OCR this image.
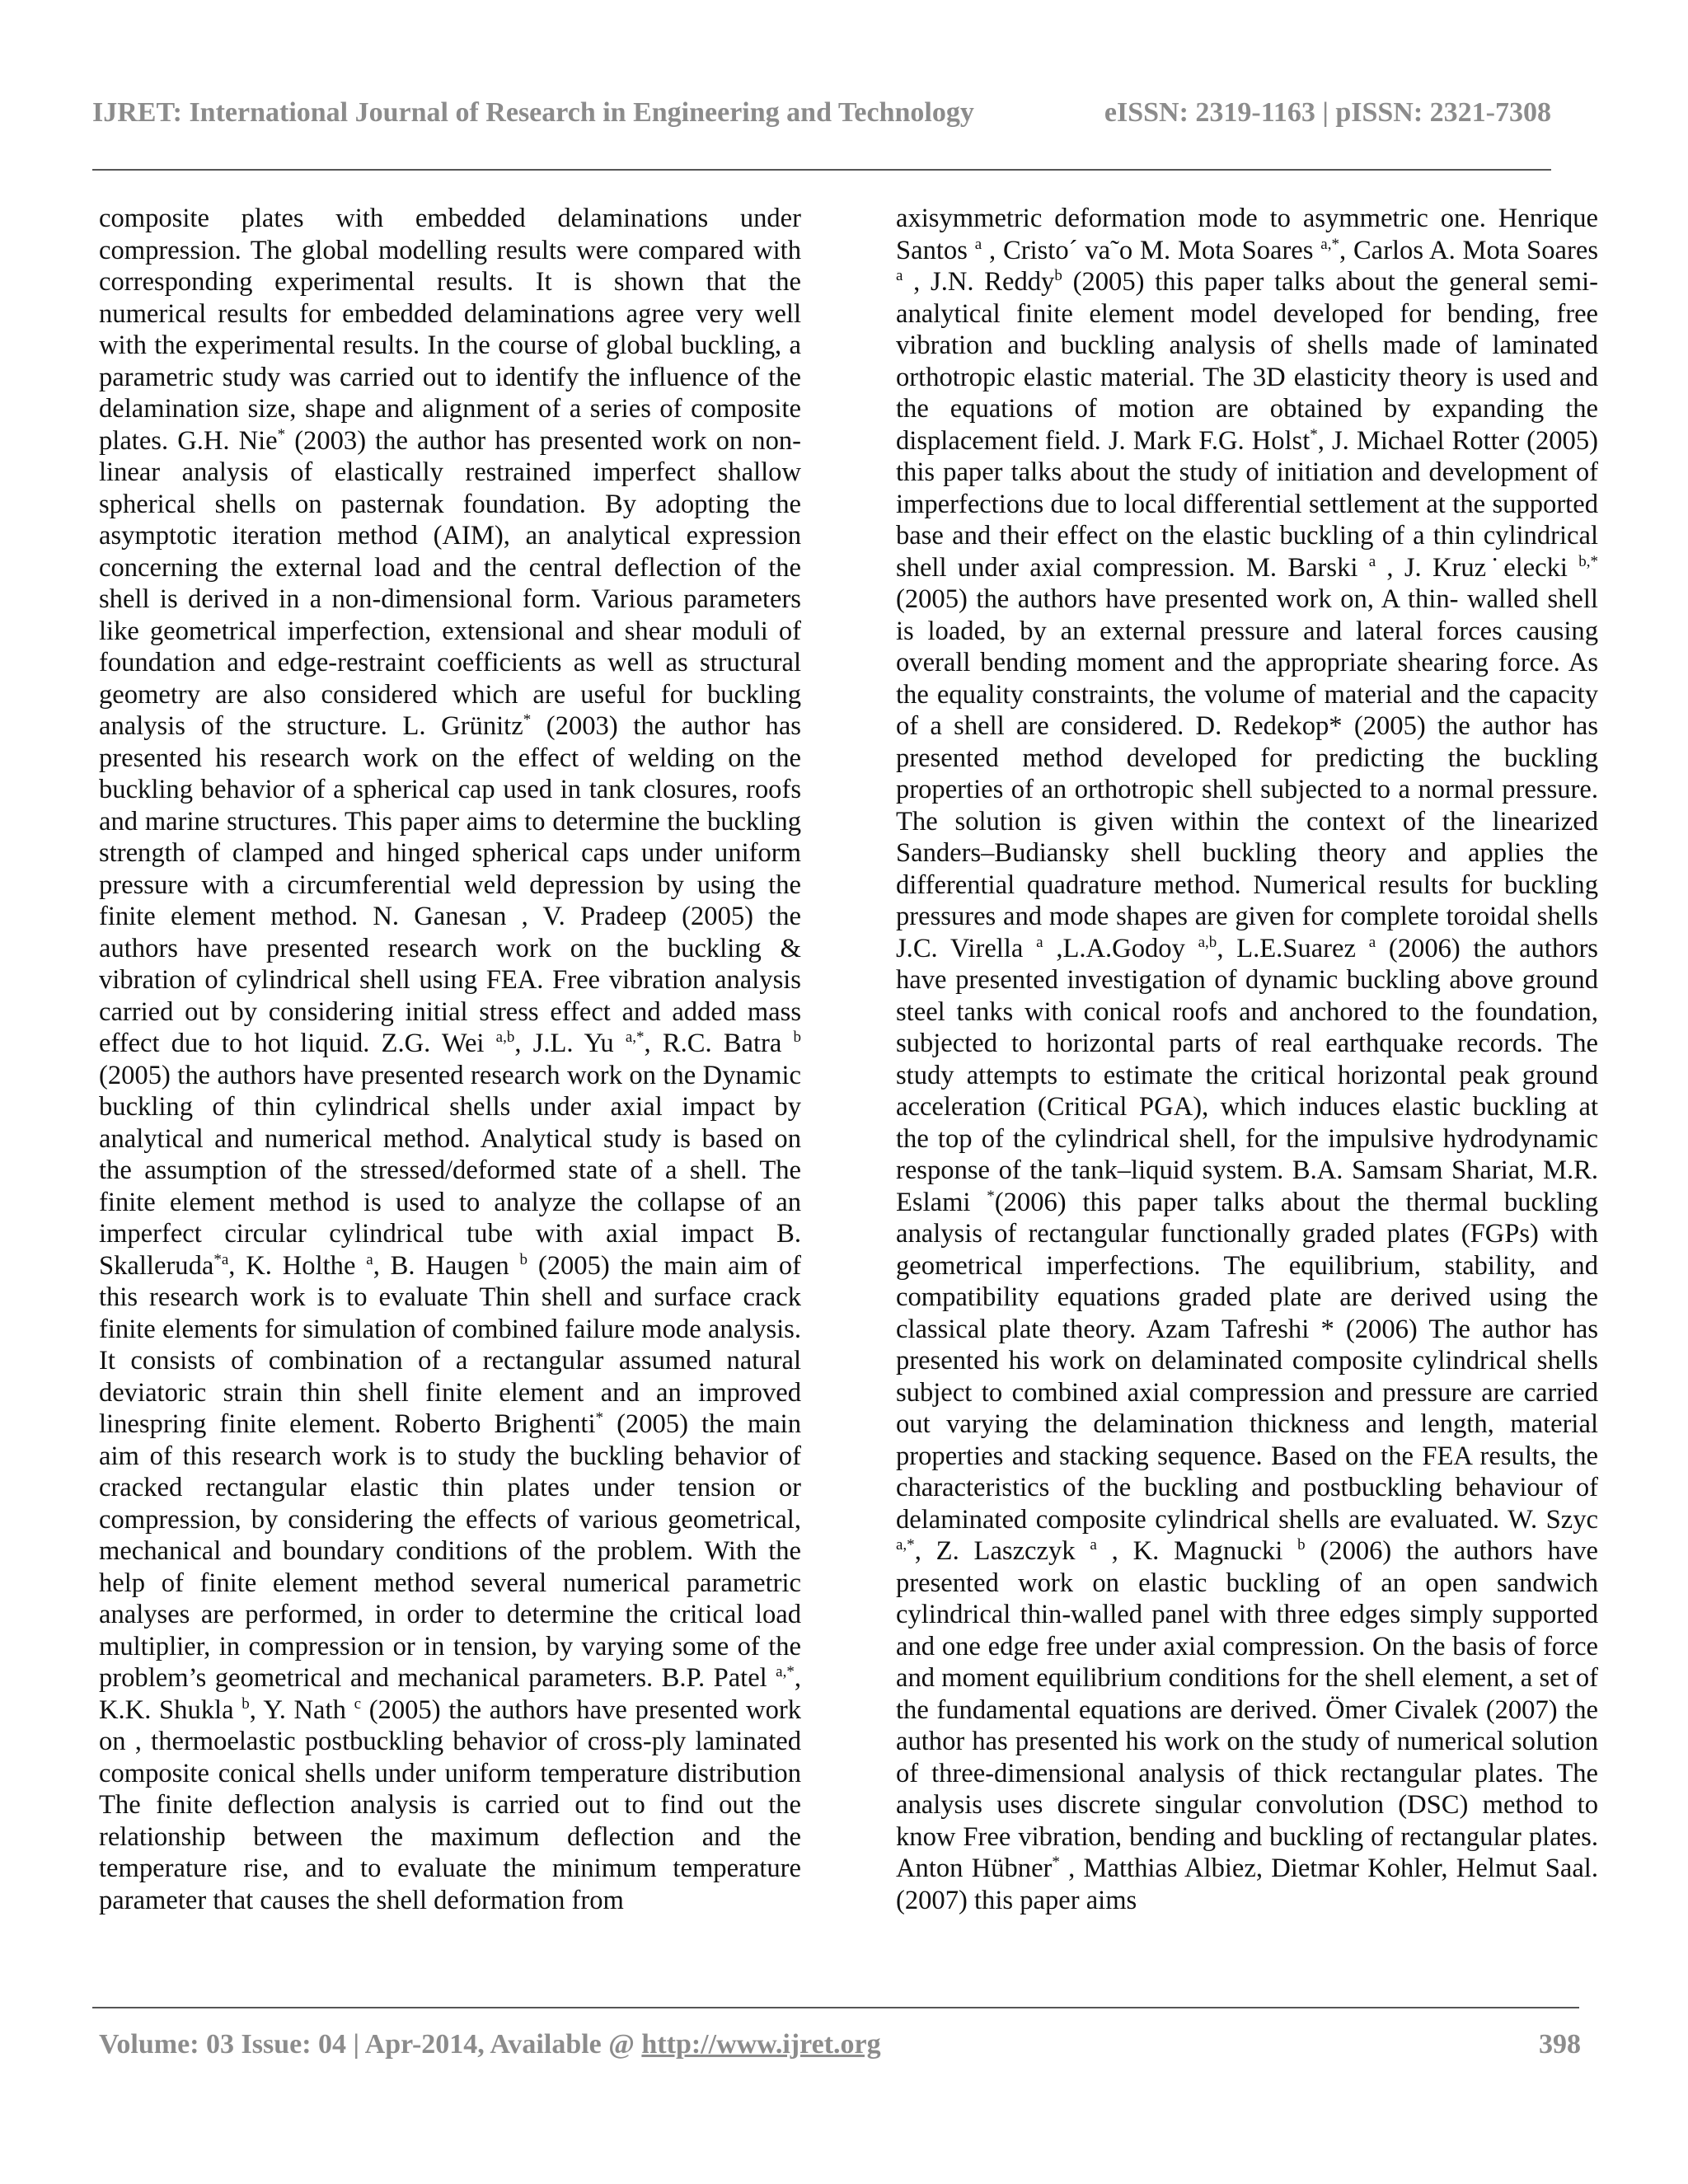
IJRET: International Journal of Research in Engineering and Technology	eISSN: 2319-1163 | pISSN: 2321-7308

composite plates with embedded delaminations under compression. The global modelling results were compared with corresponding experimental results. It is shown that the numerical results for embedded delaminations agree very well with the experimental results. In the course of global buckling, a parametric study was carried out to identify the influence of the delamination size, shape and alignment of a series of composite plates. G.H. Nie* (2003) the author has presented work on non-linear analysis of elastically restrained imperfect shallow spherical shells on pasternak foundation. By adopting the asymptotic iteration method (AIM), an analytical expression concerning the external load and the central deflection of the shell is derived in a non-dimensional form. Various parameters like geometrical imperfection, extensional and shear moduli of foundation and edge-restraint coefficients as well as structural geometry are also considered which are useful for buckling analysis of the structure. L. Grünitz* (2003) the author has presented his research work on the effect of welding on the buckling behavior of a spherical cap used in tank closures, roofs and marine structures. This paper aims to determine the buckling strength of clamped and hinged spherical caps under uniform pressure with a circumferential weld depression by using the finite element method. N. Ganesan , V. Pradeep (2005) the authors have presented research work on the buckling & vibration of cylindrical shell using FEA. Free vibration analysis carried out by considering initial stress effect and added mass effect due to hot liquid. Z.G. Wei $^{a,b}$, J.L. Yu $^{a,*}$, R.C. Batra $^b$ (2005) the authors have presented research work on the Dynamic buckling of thin cylindrical shells under axial impact by analytical and numerical method. Analytical study is based on the assumption of the stressed/deformed state of a shell. The finite element method is used to analyze the collapse of an imperfect circular cylindrical tube with axial impact B. Skalleruda$^{*a}$, K. Holthe $^a$, B. Haugen $^b$ (2005) the main aim of this research work is to evaluate Thin shell and surface crack finite elements for simulation of combined failure mode analysis. It consists of combination of a rectangular assumed natural deviatoric strain thin shell finite element and an improved linespring finite element. Roberto Brighenti* (2005) the main aim of this research work is to study the buckling behavior of cracked rectangular elastic thin plates under tension or compression, by considering the effects of various geometrical, mechanical and boundary conditions of the problem. With the help of finite element method several numerical parametric analyses are performed, in order to determine the critical load multiplier, in compression or in tension, by varying some of the problem’s geometrical and mechanical parameters. B.P. Patel $^{a,*}$, K.K. Shukla $^b$, Y. Nath $^c$ (2005) the authors have presented work on , thermoelastic postbuckling behavior of cross-ply laminated composite conical shells under uniform temperature distribution The finite deflection analysis is carried out to find out the relationship between the maximum deflection and the temperature rise, and to evaluate the minimum temperature parameter that causes the shell deformation from

axisymmetric deformation mode to asymmetric one. Henrique Santos $^a$ , Cristo´ va˜o M. Mota Soares $^{a,*}$, Carlos A. Mota Soares $^a$ , J.N. Reddy$^b$ (2005) this paper talks about the general semi-analytical finite element model developed for bending, free vibration and buckling analysis of shells made of laminated orthotropic elastic material. The 3D elasticity theory is used and the equations of motion are obtained by expanding the displacement field. J. Mark F.G. Holst*, J. Michael Rotter (2005) this paper talks about the study of initiation and development of imperfections due to local differential settlement at the supported base and their effect on the elastic buckling of a thin cylindrical shell under axial compression. M. Barski $^a$ , J. Kruz˙elecki $^{b,*}$ (2005) the authors have presented work on, A thin- walled shell is loaded, by an external pressure and lateral forces causing overall bending moment and the appropriate shearing force. As the equality constraints, the volume of material and the capacity of a shell are considered. D. Redekop* (2005) the author has presented method developed for predicting the buckling properties of an orthotropic shell subjected to a normal pressure. The solution is given within the context of the linearized Sanders–Budiansky shell buckling theory and applies the differential quadrature method. Numerical results for buckling pressures and mode shapes are given for complete toroidal shells J.C. Virella $^a$ ,L.A.Godoy $^{a,b}$, L.E.Suarez $^a$ (2006) the authors have presented investigation of dynamic buckling above ground steel tanks with conical roofs and anchored to the foundation, subjected to horizontal parts of real earthquake records. The study attempts to estimate the critical horizontal peak ground acceleration (Critical PGA), which induces elastic buckling at the top of the cylindrical shell, for the impulsive hydrodynamic response of the tank–liquid system. B.A. Samsam Shariat, M.R. Eslami *(2006) this paper talks about the thermal buckling analysis of rectangular functionally graded plates (FGPs) with geometrical imperfections. The equilibrium, stability, and compatibility equations graded plate are derived using the classical plate theory. Azam Tafreshi * (2006) The author has presented his work on delaminated composite cylindrical shells subject to combined axial compression and pressure are carried out varying the delamination thickness and length, material properties and stacking sequence. Based on the FEA results, the characteristics of the buckling and postbuckling behaviour of delaminated composite cylindrical shells are evaluated. W. Szyc $^{a,*}$, Z. Laszczyk $^a$ , K. Magnucki $^b$ (2006) the authors have presented work on elastic buckling of an open sandwich cylindrical thin-walled panel with three edges simply supported and one edge free under axial compression. On the basis of force and moment equilibrium conditions for the shell element, a set of the fundamental equations are derived. Ömer Civalek (2007) the author has presented his work on the study of numerical solution of three-dimensional analysis of thick rectangular plates. The analysis uses discrete singular convolution (DSC) method to know Free vibration, bending and buckling of rectangular plates. Anton Hübner* , Matthias Albiez, Dietmar Kohler, Helmut Saal. (2007) this paper aims

Volume: 03 Issue: 04 | Apr-2014, Available @ http://www.ijret.org	398
